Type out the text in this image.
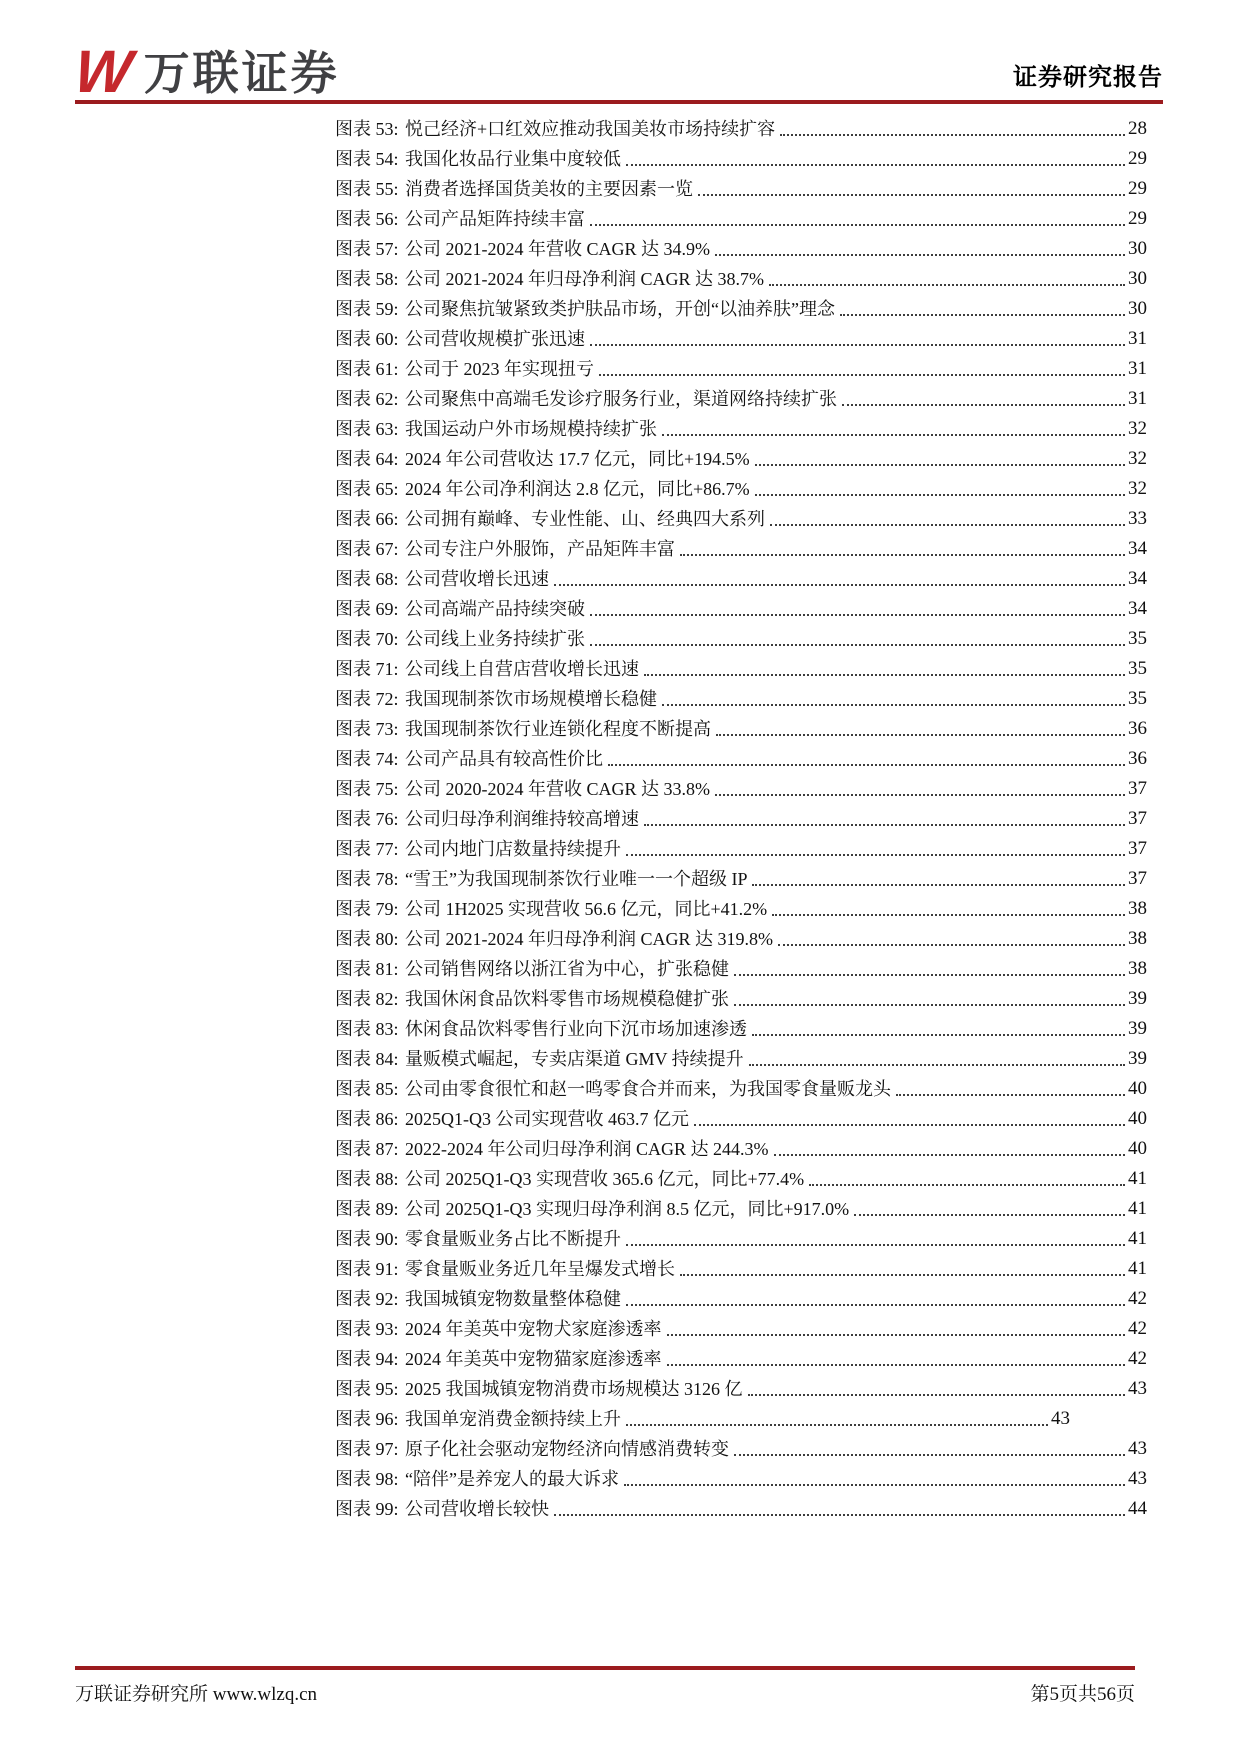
W 万联证券	证券研究报告
图表 53: 悦己经济+口红效应推动我国美妆市场持续扩容	28
图表 54: 我国化妆品行业集中度较低	29
图表 55: 消费者选择国货美妆的主要因素一览	29
图表 56: 公司产品矩阵持续丰富	29
图表 57: 公司 2021-2024 年营收 CAGR 达 34.9%	30
图表 58: 公司 2021-2024 年归母净利润 CAGR 达 38.7%	30
图表 59: 公司聚焦抗皱紧致类护肤品市场，开创“以油养肤”理念	30
图表 60: 公司营收规模扩张迅速	31
图表 61: 公司于 2023 年实现扭亏	31
图表 62: 公司聚焦中高端毛发诊疗服务行业，渠道网络持续扩张	31
图表 63: 我国运动户外市场规模持续扩张	32
图表 64: 2024 年公司营收达 17.7 亿元，同比+194.5%	32
图表 65: 2024 年公司净利润达 2.8 亿元，同比+86.7%	32
图表 66: 公司拥有巅峰、专业性能、山、经典四大系列	33
图表 67: 公司专注户外服饰，产品矩阵丰富	34
图表 68: 公司营收增长迅速	34
图表 69: 公司高端产品持续突破	34
图表 70: 公司线上业务持续扩张	35
图表 71: 公司线上自营店营收增长迅速	35
图表 72: 我国现制茶饮市场规模增长稳健	35
图表 73: 我国现制茶饮行业连锁化程度不断提高	36
图表 74: 公司产品具有较高性价比	36
图表 75: 公司 2020-2024 年营收 CAGR 达 33.8%	37
图表 76: 公司归母净利润维持较高增速	37
图表 77: 公司内地门店数量持续提升	37
图表 78: “雪王”为我国现制茶饮行业唯一一个超级 IP	37
图表 79: 公司 1H2025 实现营收 56.6 亿元，同比+41.2%	38
图表 80: 公司 2021-2024 年归母净利润 CAGR 达 319.8%	38
图表 81: 公司销售网络以浙江省为中心，扩张稳健	38
图表 82: 我国休闲食品饮料零售市场规模稳健扩张	39
图表 83: 休闲食品饮料零售行业向下沉市场加速渗透	39
图表 84: 量贩模式崛起，专卖店渠道 GMV 持续提升	39
图表 85: 公司由零食很忙和赵一鸣零食合并而来，为我国零食量贩龙头	40
图表 86: 2025Q1-Q3 公司实现营收 463.7 亿元	40
图表 87: 2022-2024 年公司归母净利润 CAGR 达 244.3%	40
图表 88: 公司 2025Q1-Q3 实现营收 365.6 亿元，同比+77.4%	41
图表 89: 公司 2025Q1-Q3 实现归母净利润 8.5 亿元，同比+917.0%	41
图表 90: 零食量贩业务占比不断提升	41
图表 91: 零食量贩业务近几年呈爆发式增长	41
图表 92: 我国城镇宠物数量整体稳健	42
图表 93: 2024 年美英中宠物犬家庭渗透率	42
图表 94: 2024 年美英中宠物猫家庭渗透率	42
图表 95: 2025 我国城镇宠物消费市场规模达 3126 亿	43
图表 96: 我国单宠消费金额持续上升	43
图表 97: 原子化社会驱动宠物经济向情感消费转变	43
图表 98: “陪伴”是养宠人的最大诉求	43
图表 99: 公司营收增长较快	44
万联证券研究所 www.wlzq.cn	第5页共56页
